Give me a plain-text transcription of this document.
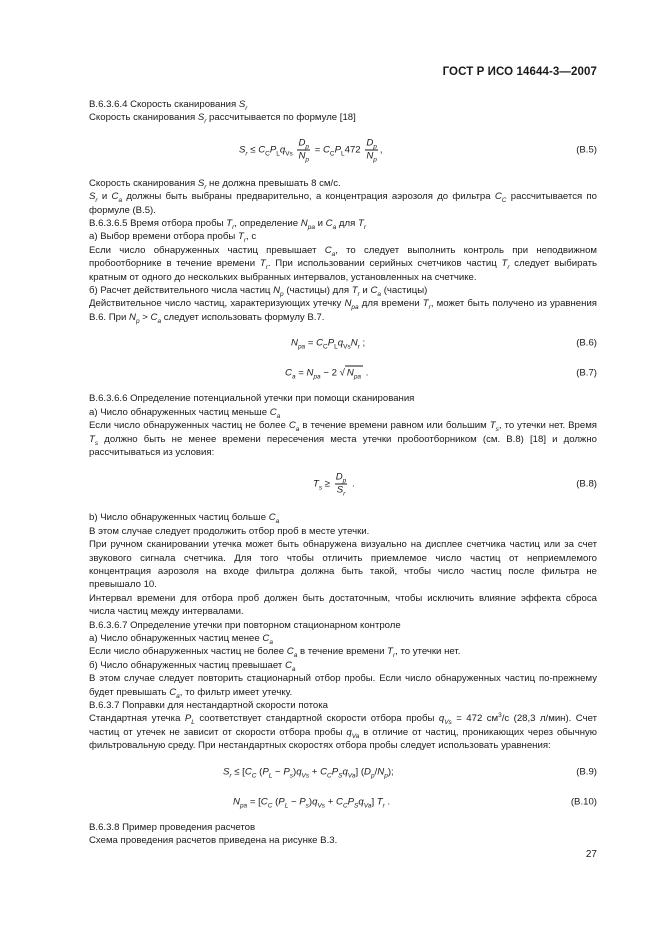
ГОСТ Р ИСО 14644-3—2007

В.6.3.6.4 Скорость сканирования $S_r$

Скорость сканирования $S_r$ рассчитывается по формуле [18]

$S_r \le C_CP_Lq_{Vs} \frac{D_p}{N_p} = C_CP_L472 \frac{D_p}{N_p}$ ,	(В.5)

Скорость сканирования $S_r$ не должна превышать 8 см/с.

$S_r$ и $C_a$ должны быть выбраны предварительно, а концентрация аэрозоля до фильтра $C_C$ рассчитывается по формуле (В.5).

В.6.3.6.5 Время отбора пробы $T_r$, определение $N_{pa}$ и $C_a$ для $T_r$

а) Выбор времени отбора пробы $T_r$, с

Если число обнаруженных частиц превышает $C_a$, то следует выполнить контроль при неподвижном пробоотборнике в течение времени $T_r$. При использовании серийных счетчиков частиц $T_r$ следует выбирать кратным от одного до нескольких выбранных интервалов, установленных на счетчике.

б) Расчет действительного числа частиц $N_p$ (частицы) для $T_r$ и $C_a$ (частицы)

Действительное число частиц, характеризующих утечку $N_{pa}$ для времени $T_r$, может быть получено из уравнения В.6. При $N_p > C_a$ следует использовать формулу В.7.

$N_{pa} = C_CP_Lq_{Vs}N_r$ ;	(В.6)
$C_a = N_{pa} - 2$ √ $N_{pa}$ .	(В.7)

В.6.3.6.6 Определение потенциальной утечки при помощи сканирования

а) Число обнаруженных частиц меньше $C_a$

Если число обнаруженных частиц не более $C_a$ в течение времени равном или большим $T_s$, то утечки нет. Время $T_s$ должно быть не менее времени пересечения места утечки пробоотборником (см. В.8) [18] и должно рассчитываться из условия:

$T_s \ge \frac{D_p}{S_r}$ .	(В.8)

b) Число обнаруженных частиц больше $C_a$

В этом случае следует продолжить отбор проб в месте утечки.

При ручном сканировании утечка может быть обнаружена визуально на дисплее счетчика частиц или за счет звукового сигнала счетчика. Для того чтобы отличить приемлемое число частиц от неприемлемого концентрация аэрозоля на входе фильтра должна быть такой, чтобы число частиц после фильтра не превышало 10.

Интервал времени для отбора проб должен быть достаточным, чтобы исключить влияние эффекта сброса числа частиц между интервалами.

В.6.3.6.7 Определение утечки при повторном стационарном контроле

а) Число обнаруженных частиц менее $C_a$

Если число обнаруженных частиц не более $C_a$ в течение времени $T_r$, то утечки нет.

б) Число обнаруженных частиц превышает $C_a$

В этом случае следует повторить стационарный отбор пробы. Если число обнаруженных частиц по-прежнему будет превышать $C_a$, то фильтр имеет утечку.

В.6.3.7 Поправки для нестандартной скорости потока

Стандартная утечка $P_L$ соответствует стандартной скорости отбора пробы $q_{Vs} = 472$ $см^3/с$ (28,3 л/мин). Счет частиц от утечек не зависит от скорости отбора пробы $q_{Va}$ в отличие от частиц, проникающих через обычную фильтровальную среду. При нестандартных скоростях отбора пробы следует использовать уравнения:

$S_r \le [C_C$ $(P_L - P_s)q_{Vs} + C_CP_Sq_{Va}$] $(D_p/N_p)$;	(В.9)
$N_{pa} = [C_C$ $(P_L - P_s)q_{Vs} + C_CP_Sq_{Va}$] $T_r$ .	(В.10)

В.6.3.8 Пример проведения расчетов

Схема проведения расчетов приведена на рисунке В.3.

27
